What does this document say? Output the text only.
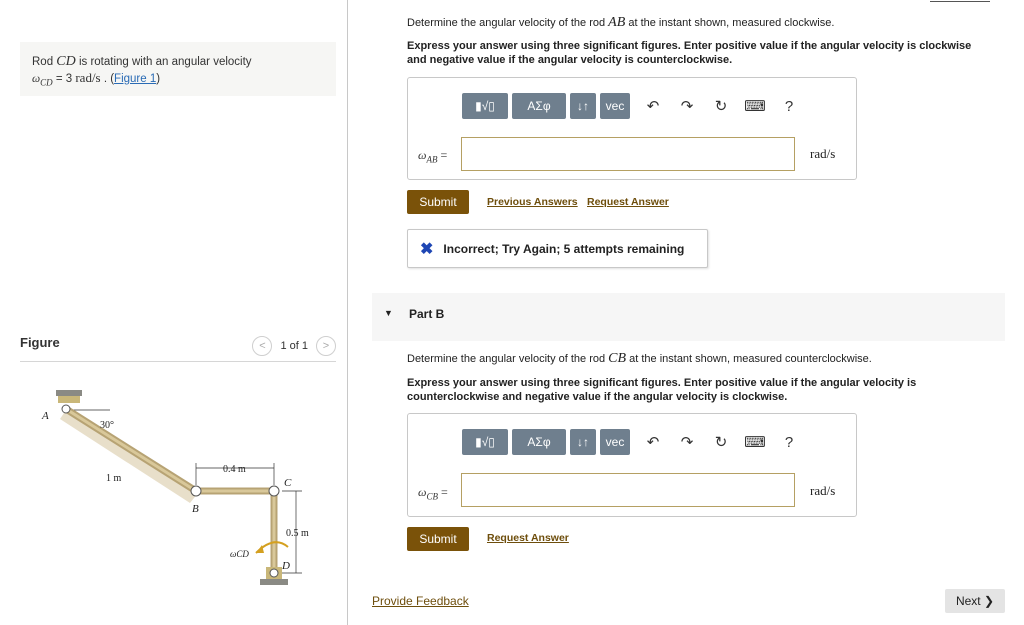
Rod CD is rotating with an angular velocity
$\omega_{CD} = 3$ rad/s . (Figure 1)
Figure	<	1 of 1	>
A
30°
1 m
0.4 m
0.5 m
B
C
D
ωCD
Determine the angular velocity of the rod AB at the instant shown, measured clockwise.
Express your answer using three significant figures. Enter positive value if the angular velocity is clockwise
and negative value if the angular velocity is counterclockwise.
▮√▯	ΑΣφ	↓↑	vec	↶	↷	↻	⌨	?
$\omega_{AB}$ =	rad/s
Submit	Previous Answers Request Answer
✖ Incorrect; Try Again; 5 attempts remaining
▼ Part B
Determine the angular velocity of the rod CB at the instant shown, measured counterclockwise.
Express your answer using three significant figures. Enter positive value if the angular velocity is
counterclockwise and negative value if the angular velocity is clockwise.
▮√▯	ΑΣφ	↓↑	vec	↶	↷	↻	⌨	?
$\omega_{CB}$ =	rad/s
Submit	Request Answer
Provide Feedback	Next ❯
